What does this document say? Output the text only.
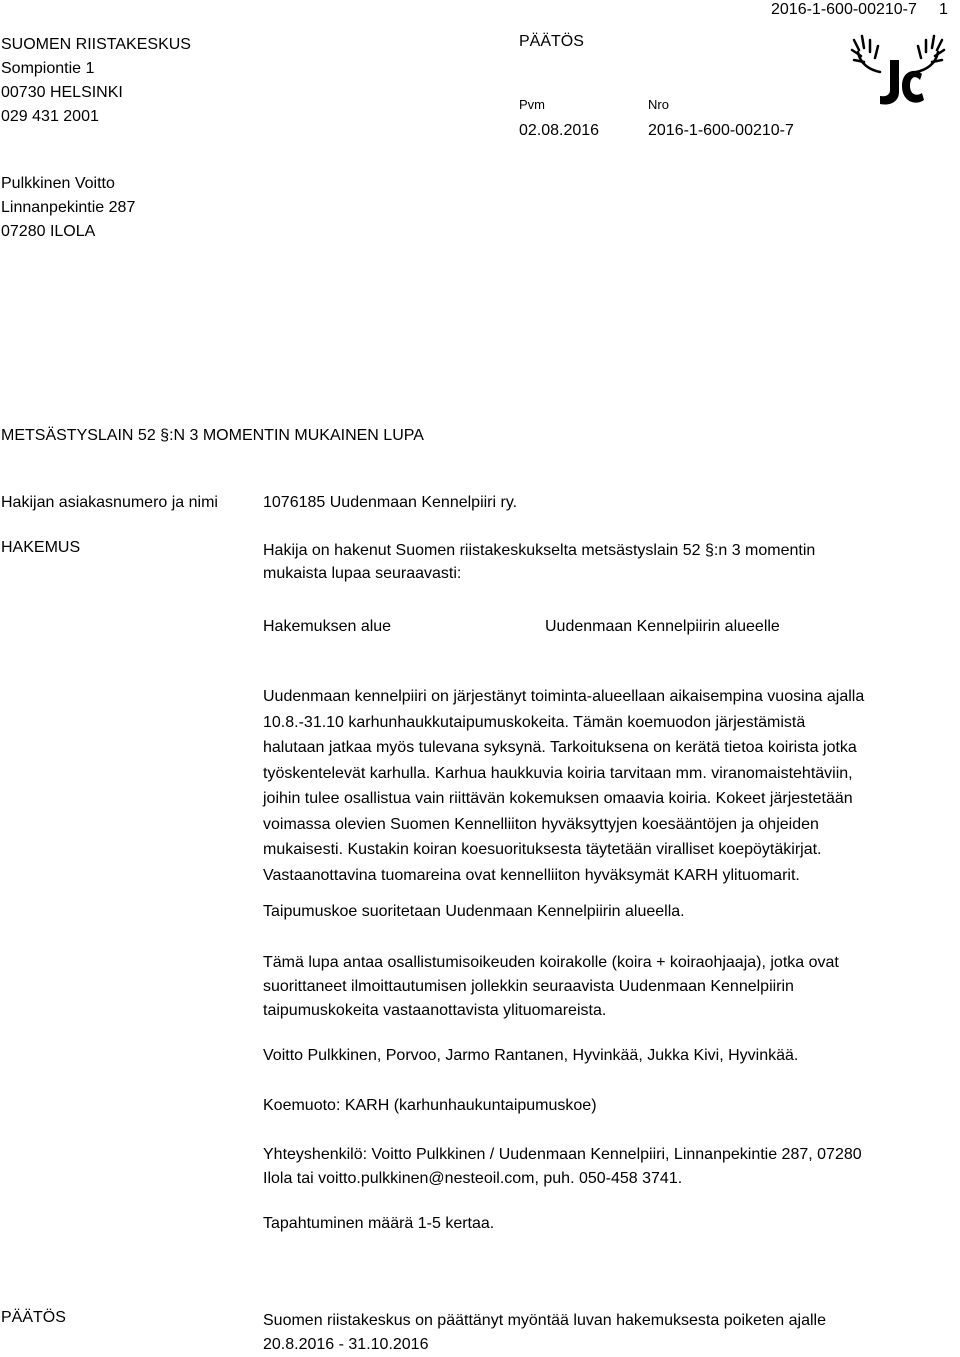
SUOMEN RIISTAKESKUS
Sompiontie 1
00730 HELSINKI
029 431 2001
PÄÄTÖS
Pvm
02.08.2016
Nro
2016-1-600-00210-7
2016-1-600-00210-7 1
Pulkkinen Voitto
Linnanpekintie 287
07280 ILOLA
METSÄSTYSLAIN 52 §:N 3 MOMENTIN MUKAINEN LUPA
Hakijan asiakasnumero ja nimi	1076185 Uudenmaan Kennelpiiri ry.
HAKEMUS	Hakija on hakenut Suomen riistakeskukselta metsästyslain 52 §:n 3 momentin
mukaista lupaa seuraavasti:
Hakemuksen alue	Uudenmaan Kennelpiirin alueelle
Uudenmaan kennelpiiri on järjestänyt toiminta-alueellaan aikaisempina vuosina ajalla
10.8.-31.10 karhunhaukkutaipumuskokeita. Tämän koemuodon järjestämistä
halutaan jatkaa myös tulevana syksynä. Tarkoituksena on kerätä tietoa koirista jotka
työskentelevät karhulla. Karhua haukkuvia koiria tarvitaan mm. viranomaistehtäviin,
joihin tulee osallistua vain riittävän kokemuksen omaavia koiria. Kokeet järjestetään
voimassa olevien Suomen Kennelliiton hyväksyttyjen koesääntöjen ja ohjeiden
mukaisesti. Kustakin koiran koesuorituksesta täytetään viralliset koepöytäkirjat.
Vastaanottavina tuomareina ovat kennelliiton hyväksymät KARH ylituomarit.
Taipumuskoe suoritetaan Uudenmaan Kennelpiirin alueella.
Tämä lupa antaa osallistumisoikeuden koirakolle (koira + koiraohjaaja), jotka ovat
suorittaneet ilmoittautumisen jollekkin seuraavista Uudenmaan Kennelpiirin
taipumuskokeita vastaanottavista ylituomareista.
Voitto Pulkkinen, Porvoo, Jarmo Rantanen, Hyvinkää, Jukka Kivi, Hyvinkää.
Koemuoto: KARH (karhunhaukuntaipumuskoe)
Yhteyshenkilö: Voitto Pulkkinen / Uudenmaan Kennelpiiri, Linnanpekintie 287, 07280
Ilola tai voitto.pulkkinen@nesteoil.com, puh. 050-458 3741.
Tapahtuminen määrä 1-5 kertaa.
PÄÄTÖS	Suomen riistakeskus on päättänyt myöntää luvan hakemuksesta poiketen ajalle
20.8.2016 - 31.10.2016
